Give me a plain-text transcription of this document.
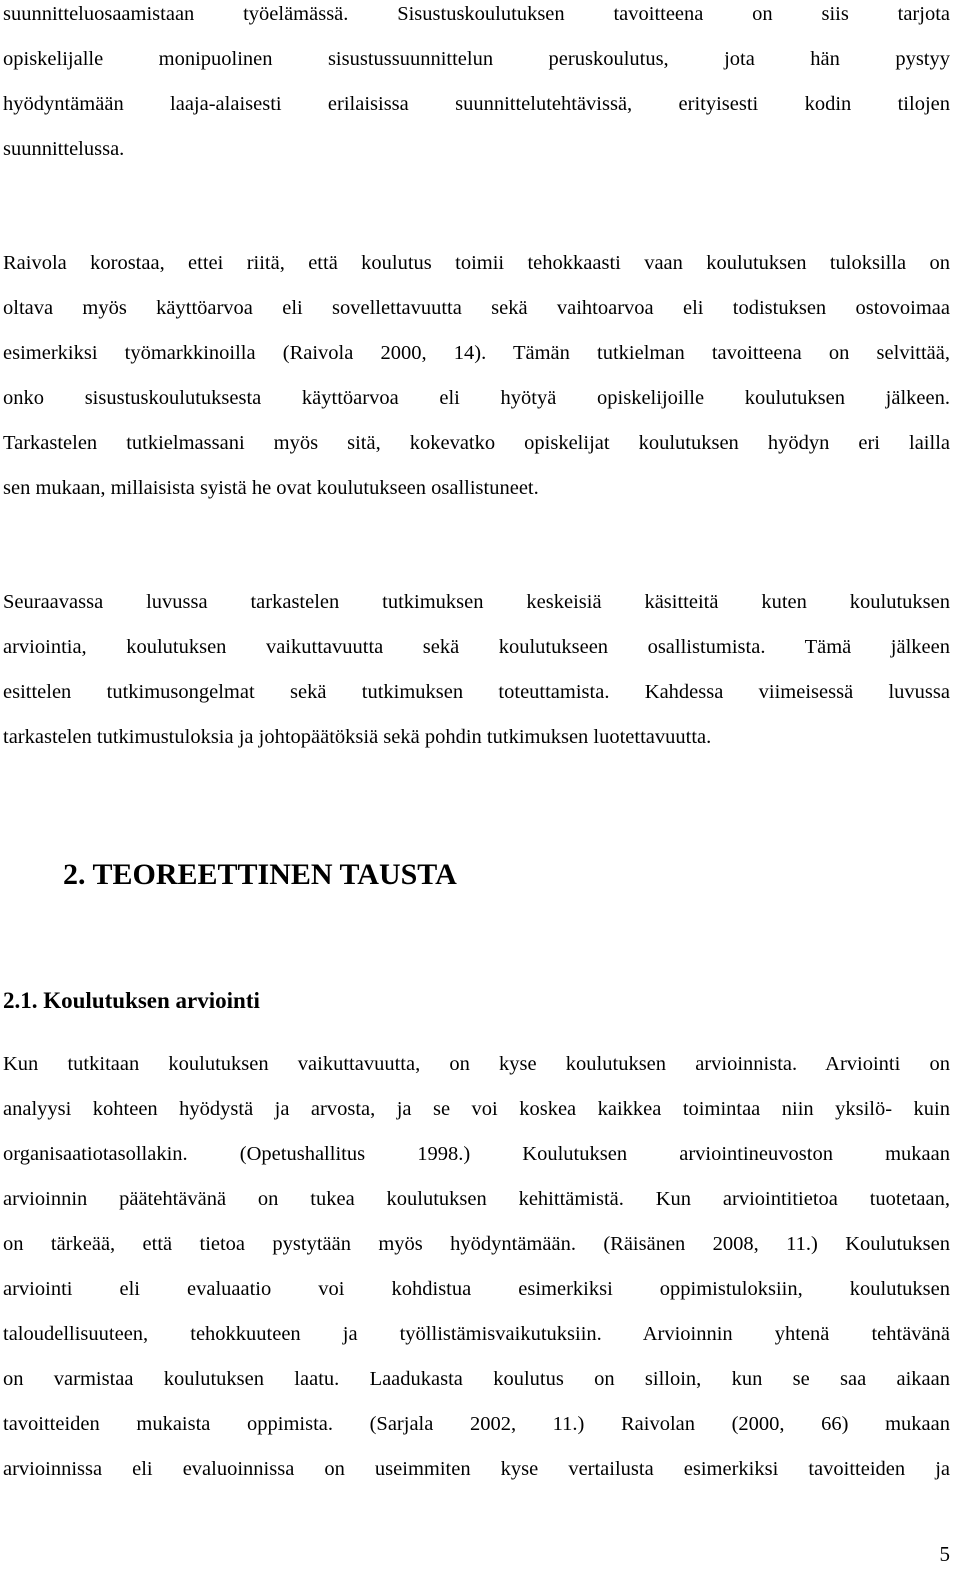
suunnitteluosaamistaan työelämässä. Sisustuskoulutuksen tavoitteena on siis tarjota
opiskelijalle monipuolinen sisustussuunnittelun peruskoulutus, jota hän pystyy
hyödyntämään laaja-alaisesti erilaisissa suunnittelutehtävissä, erityisesti kodin tilojen
suunnittelussa.
Raivola korostaa, ettei riitä, että koulutus toimii tehokkaasti vaan koulutuksen tuloksilla on
oltava myös käyttöarvoa eli sovellettavuutta sekä vaihtoarvoa eli todistuksen ostovoimaa
esimerkiksi työmarkkinoilla (Raivola 2000, 14). Tämän tutkielman tavoitteena on selvittää,
onko sisustuskoulutuksesta käyttöarvoa eli hyötyä opiskelijoille koulutuksen jälkeen.
Tarkastelen tutkielmassani myös sitä, kokevatko opiskelijat koulutuksen hyödyn eri lailla
sen mukaan, millaisista syistä he ovat koulutukseen osallistuneet.
Seuraavassa luvussa tarkastelen tutkimuksen keskeisiä käsitteitä kuten koulutuksen
arviointia, koulutuksen vaikuttavuutta sekä koulutukseen osallistumista. Tämä jälkeen
esittelen tutkimusongelmat sekä tutkimuksen toteuttamista. Kahdessa viimeisessä luvussa
tarkastelen tutkimustuloksia ja johtopäätöksiä sekä pohdin tutkimuksen luotettavuutta.
2. TEOREETTINEN TAUSTA
2.1. Koulutuksen arviointi
Kun tutkitaan koulutuksen vaikuttavuutta, on kyse koulutuksen arvioinnista. Arviointi on
analyysi kohteen hyödystä ja arvosta, ja se voi koskea kaikkea toimintaa niin yksilö- kuin
organisaatiotasollakin. (Opetushallitus 1998.) Koulutuksen arviointineuvoston mukaan
arvioinnin päätehtävänä on tukea koulutuksen kehittämistä. Kun arviointitietoa tuotetaan,
on tärkeää, että tietoa pystytään myös hyödyntämään. (Räisänen 2008, 11.) Koulutuksen
arviointi eli evaluaatio voi kohdistua esimerkiksi oppimistuloksiin, koulutuksen
taloudellisuuteen, tehokkuuteen ja työllistämisvaikutuksiin. Arvioinnin yhtenä tehtävänä
on varmistaa koulutuksen laatu. Laadukasta koulutus on silloin, kun se saa aikaan
tavoitteiden mukaista oppimista. (Sarjala 2002, 11.) Raivolan (2000, 66) mukaan
arvioinnissa eli evaluoinnissa on useimmiten kyse vertailusta esimerkiksi tavoitteiden ja
5
